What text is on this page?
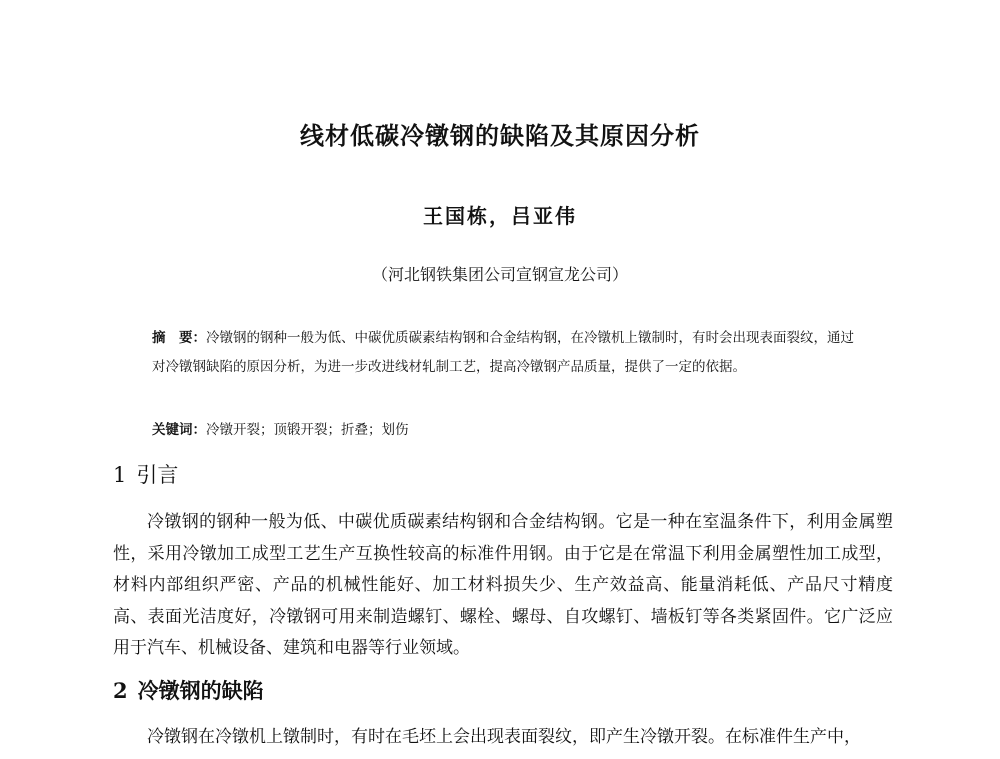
线材低碳冷镦钢的缺陷及其原因分析
王国栋，吕亚伟
（河北钢铁集团公司宣钢宣龙公司）
摘　要：冷镦钢的钢种一般为低、中碳优质碳素结构钢和合金结构钢，在冷镦机上镦制时，有时会出现表面裂纹，通过对冷镦钢缺陷的原因分析，为进一步改进线材轧制工艺，提高冷镦钢产品质量，提供了一定的依据。
关键词：冷镦开裂；顶锻开裂；折叠；划伤
1 引言
冷镦钢的钢种一般为低、中碳优质碳素结构钢和合金结构钢。它是一种在室温条件下，利用金属塑性，采用冷镦加工成型工艺生产互换性较高的标准件用钢。由于它是在常温下利用金属塑性加工成型，材料内部组织严密、产品的机械性能好、加工材料损失少、生产效益高、能量消耗低、产品尺寸精度高、表面光洁度好，冷镦钢可用来制造螺钉、螺栓、螺母、自攻螺钉、墙板钉等各类紧固件。它广泛应用于汽车、机械设备、建筑和电器等行业领域。
2 冷镦钢的缺陷
冷镦钢在冷镦机上镦制时，有时在毛坯上会出现表面裂纹，即产生冷镦开裂。在标准件生产中，
